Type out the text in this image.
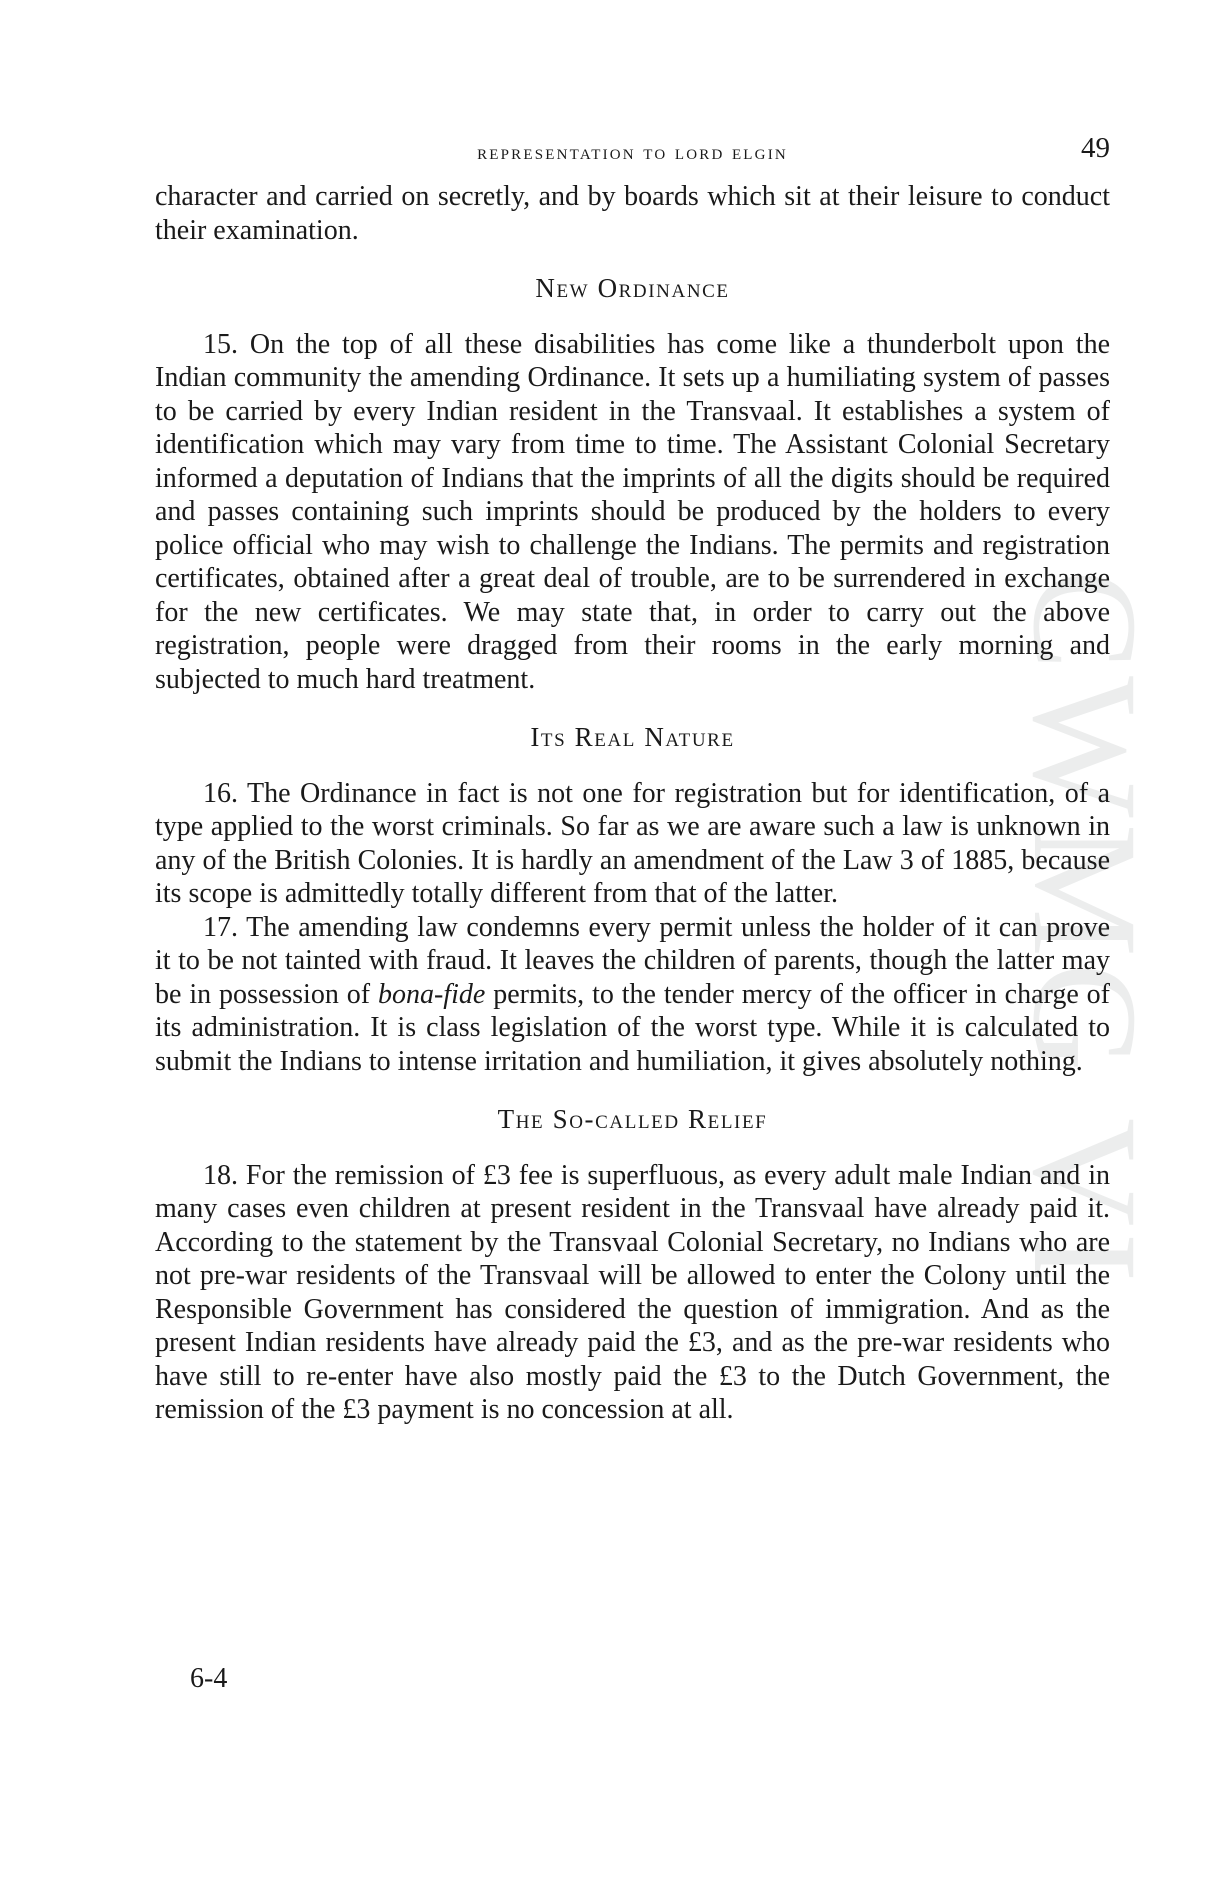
CWMG VI
representation to lord elgin	49

character and carried on secretly, and by boards which sit at their leisure to conduct their examination.

New Ordinance

15. On the top of all these disabilities has come like a thunderbolt upon the Indian community the amending Ordinance. It sets up a humiliating system of passes to be carried by every Indian resident in the Transvaal. It establishes a system of identification which may vary from time to time. The Assistant Colonial Secretary informed a deputation of Indians that the imprints of all the digits should be required and passes containing such imprints should be produced by the holders to every police official who may wish to challenge the Indians. The permits and registration certificates, obtained after a great deal of trouble, are to be surrendered in exchange for the new certificates. We may state that, in order to carry out the above registration, people were dragged from their rooms in the early morning and subjected to much hard treatment.

Its Real Nature

16. The Ordinance in fact is not one for registration but for identification, of a type applied to the worst criminals. So far as we are aware such a law is unknown in any of the British Colonies. It is hardly an amendment of the Law 3 of 1885, because its scope is admittedly totally different from that of the latter.

17. The amending law condemns every permit unless the holder of it can prove it to be not tainted with fraud. It leaves the children of parents, though the latter may be in possession of bona-fide permits, to the tender mercy of the officer in charge of its administration. It is class legislation of the worst type. While it is calculated to submit the Indians to intense irritation and humiliation, it gives absolutely nothing.

The So-called Relief

18. For the remission of £3 fee is superfluous, as every adult male Indian and in many cases even children at present resident in the Transvaal have already paid it. According to the statement by the Transvaal Colonial Secretary, no Indians who are not pre-war residents of the Transvaal will be allowed to enter the Colony until the Responsible Government has considered the question of immigration. And as the present Indian residents have already paid the £3, and as the pre-war residents who have still to re-enter have also mostly paid the £3 to the Dutch Government, the remission of the £3 payment is no concession at all.

6-4
